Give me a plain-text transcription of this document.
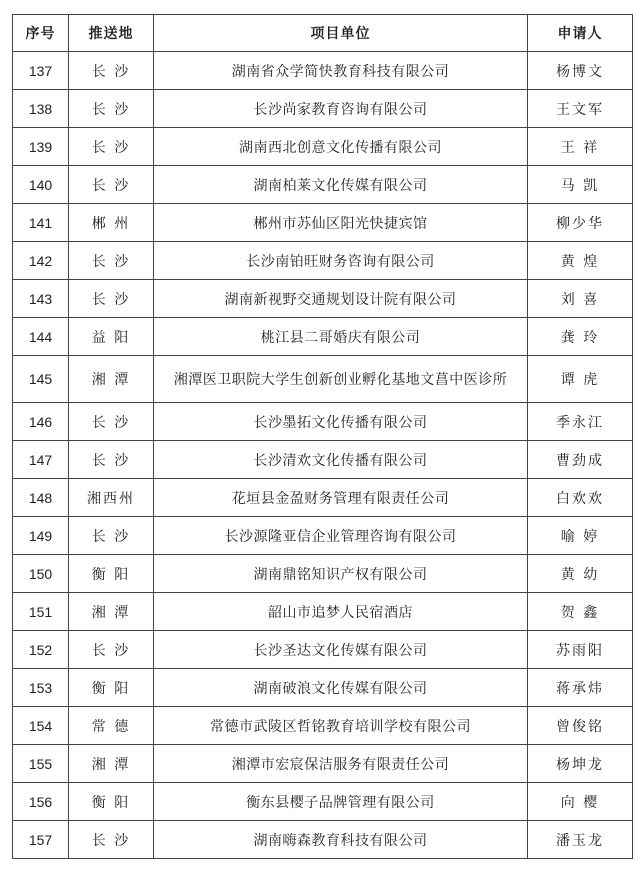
序号	推送地	项目单位	申请人
137	长 沙	湖南省众学简快教育科技有限公司	杨博文
138	长 沙	长沙尚家教育咨询有限公司	王文军
139	长 沙	湖南西北创意文化传播有限公司	王 祥
140	长 沙	湖南柏莱文化传媒有限公司	马 凯
141	郴 州	郴州市苏仙区阳光快捷宾馆	柳少华
142	长 沙	长沙南铂旺财务咨询有限公司	黄 煌
143	长 沙	湖南新视野交通规划设计院有限公司	刘 喜
144	益 阳	桃江县二哥婚庆有限公司	龚 玲
145	湘 潭	湘潭医卫职院大学生创新创业孵化基地文菖中医诊所	谭 虎
146	长 沙	长沙墨拓文化传播有限公司	季永江
147	长 沙	长沙清欢文化传播有限公司	曹劲成
148	湘西州	花垣县金盈财务管理有限责任公司	白欢欢
149	长 沙	长沙源隆亚信企业管理咨询有限公司	喻 婷
150	衡 阳	湖南鼎铭知识产权有限公司	黄 幼
151	湘 潭	韶山市追梦人民宿酒店	贺 鑫
152	长 沙	长沙圣达文化传媒有限公司	苏雨阳
153	衡 阳	湖南破浪文化传媒有限公司	蒋承炜
154	常 德	常德市武陵区哲铭教育培训学校有限公司	曾俊铭
155	湘 潭	湘潭市宏宸保洁服务有限责任公司	杨坤龙
156	衡 阳	衡东县樱子品牌管理有限公司	向 樱
157	长 沙	湖南嗨森教育科技有限公司	潘玉龙
